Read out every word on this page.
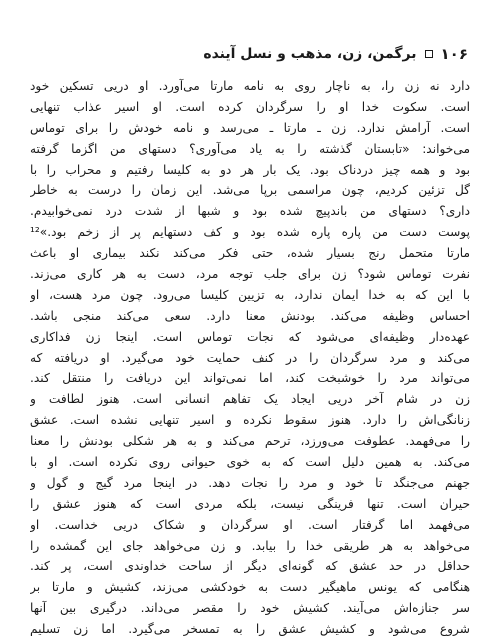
۱۰۶
برگمن، زن، مذهب و نسل آینده
دارد نه زن را، به ناچار روی به نامه مارتا می‌آورد. او دریی تسکین خود
است. سکوت خدا او را سرگردان کرده است. او اسیر عذاب تنهایی
است. آرامش ندارد. زن ـ مارتا ـ می‌رسد و نامه خودش را برای توماس
می‌خواند: «تابستان گذشته را به یاد می‌آوری؟ دستهای من اگزما گرفته
بود و همه چیز دردناک بود. یک بار هر دو به کلیسا رفتیم و محراب را با
گل تزئین کردیم، چون مراسمی برپا می‌شد. این زمان را درست به خاطر
داری؟ دستهای من باندپیچ شده بود و شبها از شدت درد نمی‌خوابیدم.
پوست دست من پاره پاره شده بود و کف دستهایم پر از زخم بود.»¹²
مارتا متحمل رنج بسیار شده، حتی فکر می‌کند نکند بیماری او باعث
نفرت توماس شود؟ زن برای جلب توجه مرد، دست به هر کاری می‌زند.
با این که به خدا ایمان ندارد، به تزیین کلیسا می‌رود. چون مرد هست، او
احساس وظیفه می‌کند. بودنش معنا دارد. سعی می‌کند منجی باشد.
عهده‌دار وظیفه‌ای می‌شود که نجات توماس است. اینجا زن فداکاری
می‌کند و مرد سرگردان را در کنف حمایت خود می‌گیرد. او دریافته که
می‌تواند مرد را خوشبخت کند، اما نمی‌تواند این دریافت را منتقل کند.
زن در شام آخر دریی ایجاد یک تفاهم انسانی است. هنوز لطافت و
زنانگی‌اش را دارد. هنوز سقوط نکرده و اسیر تنهایی نشده است. عشق
را می‌فهمد. عطوفت می‌ورزد، ترحم می‌کند و به هر شکلی بودنش را معنا
می‌کند. به همین دلیل است که به خوی حیوانی روی نکرده است. او با
جهنم می‌جنگد تا خود و مرد را نجات دهد. در اینجا مرد گیج و گول و
حیران است. تنها فرینگی نیست، بلکه مردی است که هنوز عشق را
می‌فهمد اما گرفتار است. او سرگردان و شکاک دریی خداست. او
می‌خواهد به هر طریقی خدا را بیابد. و زن می‌خواهد جای این گمشده را
حداقل در حد عشق که گونه‌ای دیگر از ساحت خداوندی است، پر کند.
هنگامی که یونس ماهیگیر دست به خودکشی می‌زند، کشیش و مارتا بر
سر جنازه‌اش می‌آیند. کشیش خود را مقصر می‌داند. درگیری بین آنها
شروع می‌شود و کشیش عشق را به تمسخر می‌گیرد. اما زن تسلیم
